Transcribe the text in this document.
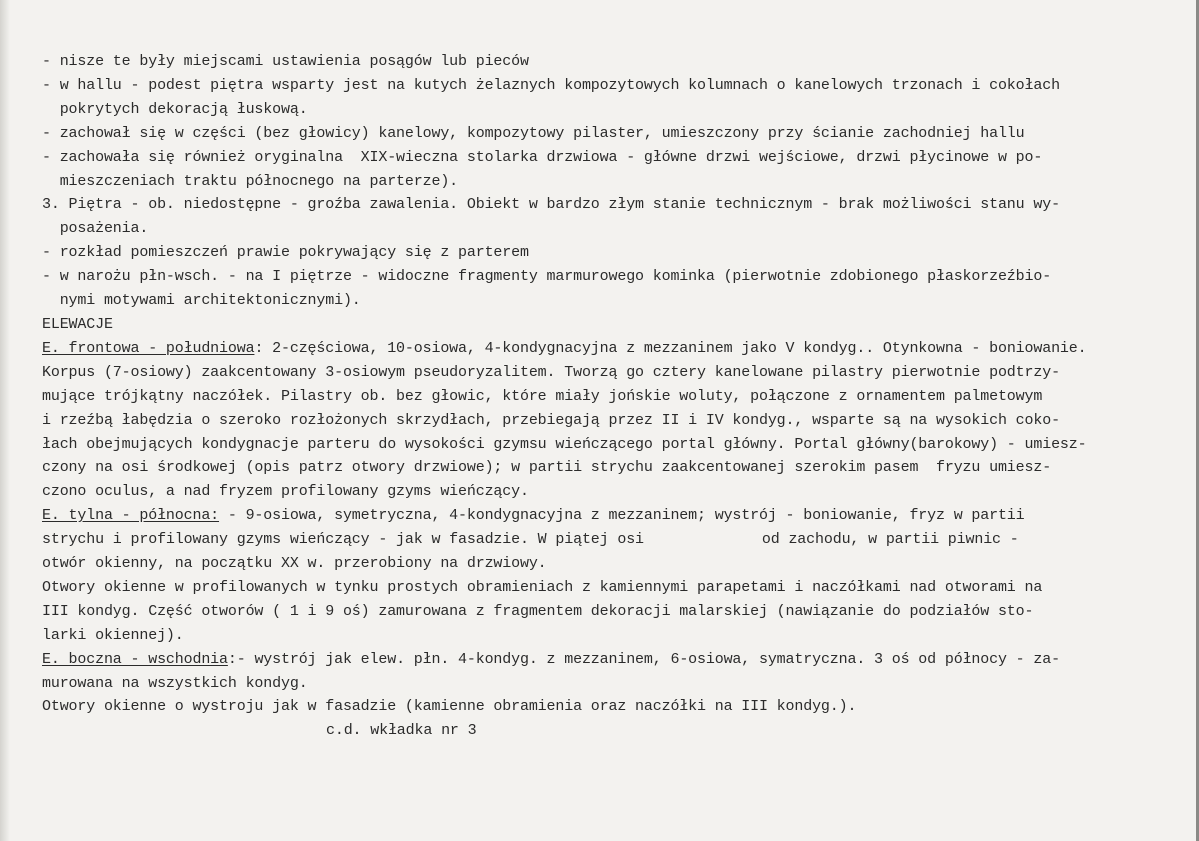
- nisze te były miejscami ustawienia posągów lub pieców
- w hallu - podest piętra wsparty jest na kutych żelaznych kompozytowych kolumnach o kanelowych trzonach i cokołach
pokrytych dekoracją łuskową.
- zachował się w części (bez głowicy) kanelowy, kompozytowy pilaster, umieszczony przy ścianie zachodniej hallu
- zachowała się również oryginalna  XIX-wieczna stolarka drzwiowa - główne drzwi wejściowe, drzwi płycinowe w po-
mieszczeniach traktu północnego na parterze).
3. Piętra - ob. niedostępne - groźba zawalenia. Obiekt w bardzo złym stanie technicznym - brak możliwości stanu wy-
posażenia.
- rozkład pomieszczeń prawie pokrywający się z parterem
- w narożu płn-wsch. - na I piętrze - widoczne fragmenty marmurowego kominka (pierwotnie zdobionego płaskorzeźbio-
nymi motywami architektonicznymi).
ELEWACJE
E. frontowa - południowa: 2-częściowa, 10-osiowa, 4-kondygnacyjna z mezzaninem jako V kondyg.. Otynkowna - boniowanie.
Korpus (7-osiowy) zaakcentowany 3-osiowym pseudoryzalitem. Tworzą go cztery kanelowane pilastry pierwotnie podtrzy-
mujące trójkątny naczółek. Pilastry ob. bez głowic, które miały jońskie woluty, połączone z ornamentem palmetowym
i rzeźbą łabędzia o szeroko rozłożonych skrzydłach, przebiegają przez II i IV kondyg., wsparte są na wysokich coko-
łach obejmujących kondygnacje parteru do wysokości gzymsu wieńczącego portal główny. Portal główny(barokowy) - umiesz-
czony na osi środkowej (opis patrz otwory drzwiowe); w partii strychu zaakcentowanej szerokim pasem  fryzu umiesz-
czono oculus, a nad fryzem profilowany gzyms wieńczący.
E. tylna - północna: - 9-osiowa, symetryczna, 4-kondygnacyjna z mezzaninem; wystrój - boniowanie, fryz w partii
strychu i profilowany gzyms wieńczący - jak w fasadzie. W piątej osi	od zachodu, w partii piwnic -
otwór okienny, na początku XX w. przerobiony na drzwiowy.
Otwory okienne w profilowanych w tynku prostych obramieniach z kamiennymi parapetami i naczółkami nad otworami na
III kondyg. Część otworów ( 1 i 9 oś) zamurowana z fragmentem dekoracji malarskiej (nawiązanie do podziałów sto-
larki okiennej).
E. boczna - wschodnia:- wystrój jak elew. płn. 4-kondyg. z mezzaninem, 6-osiowa, symatryczna. 3 oś od północy - za-
murowana na wszystkich kondyg.
Otwory okienne o wystroju jak w fasadzie (kamienne obramienia oraz naczółki na III kondyg.).
c.d. wkładka nr 3
